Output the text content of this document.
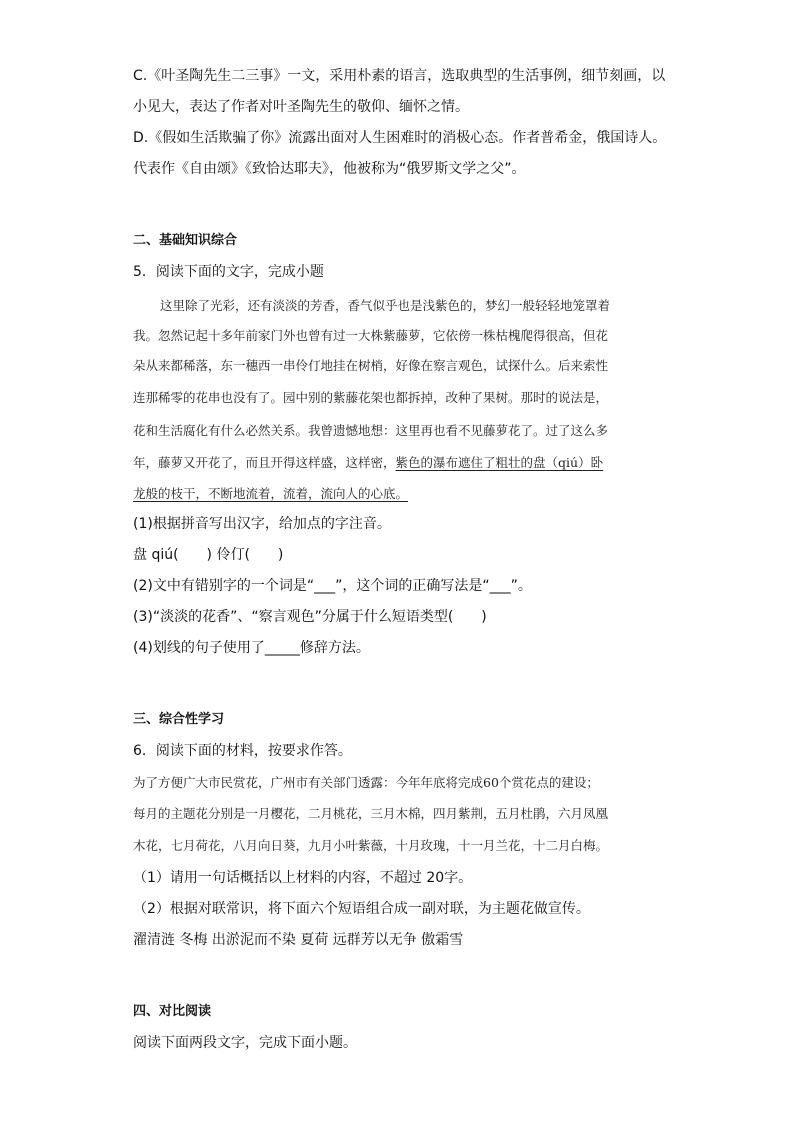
C.《叶圣陶先生二三事》一文，采用朴素的语言，选取典型的生活事例，细节刻画，以
小见大，表达了作者对叶圣陶先生的敬仰、缅怀之情。
D.《假如生活欺骗了你》流露出面对人生困难时的消极心态。作者普希金，俄国诗人。
代表作《自由颂》《致恰达耶夫》，他被称为“俄罗斯文学之父”。
二、基础知识综合
5．阅读下面的文字，完成小题
这里除了光彩，还有淡淡的芳香，香气似乎也是浅紫色的，梦幻一般轻轻地笼罩着
我。忽然记起十多年前家门外也曾有过一大株紫藤萝，它依傍一株枯槐爬得很高，但花
朵从来都稀落，东一穗西一串伶仃地挂在树梢，好像在察言观色，试探什么。后来索性
连那稀零的花串也没有了。园中别的紫藤花架也都拆掉，改种了果树。那时的说法是，
花和生活腐化有什么必然关系。我曾遗憾地想：这里再也看不见藤萝花了。过了这么多
年，藤萝又开花了，而且开得这样盛，这样密，紫色的瀑布遮住了粗壮的盘（qiú）卧
龙般的枝干，不断地流着，流着，流向人的心底。
(1)根据拼音写出汉字，给加点的字注音。
盘 qiú(　　) 伶仃(　　)
(2)文中有错别字的一个词是“___”，这个词的正确写法是“___”。
(3)“淡淡的花香”、“察言观色”分属于什么短语类型(　　)
(4)划线的句子使用了_____修辞方法。
三、综合性学习
6．阅读下面的材料，按要求作答。
为了方便广大市民赏花，广州市有关部门透露：今年年底将完成60个赏花点的建设；
每月的主题花分别是一月樱花，二月桃花，三月木棉，四月紫荆，五月杜鹃，六月凤凰
木花，七月荷花，八月向日葵，九月小叶紫薇，十月玫瑰，十一月兰花，十二月白梅。
（1）请用一句话概括以上材料的内容，不超过 20字。
（2）根据对联常识，将下面六个短语组合成一副对联，为主题花做宣传。
濯清涟 冬梅 出淤泥而不染 夏荷 远群芳以无争 傲霜雪
四、对比阅读
阅读下面两段文字，完成下面小题。
